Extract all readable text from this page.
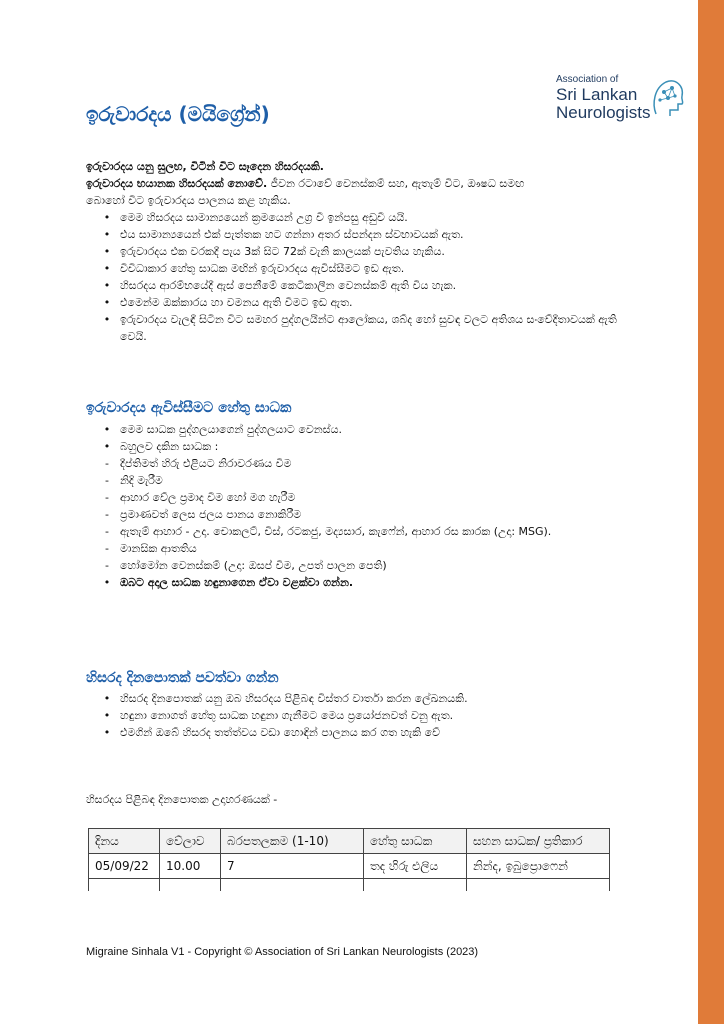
Association of
Sri Lankan
Neurologists
ඉරුවාරදය (මයිග්‍රේන්)
ඉරුවාරදය යනු සුලභ, විටින් විට සෑදෙන හිසරදයකි.
ඉරුවාරදය භයානක හිසරදයක් නොවේ. ජීවන රටාවේ වෙනස්කම් සහ, ඇතැම් විට, ඖෂධ සමඟ
බොහෝ විට ඉරුවාරදය පාලනය කළ හැකිය.
• මෙම හිසරදය සාමාන්‍යයෙන් ක්‍රමයෙන් උග්‍ර වී ඉන්පසු අඩුවී යයි.
• එය සාමාන්‍යයෙන් එක් පැත්තක හට ගන්නා අතර ස්පන්දන ස්වභාවයක් ඇත.
• ඉරුවාරදය එක වරකදී පැය 3ක් සිට 72ක් වැනි කාලයක් පැවතිය හැකිය.
• විවිධාකාර හේතු සාධක මඟින් ඉරුවාරදය ඇවිස්සීමට ඉඩ ඇත.
• හිසරදය ආරම්භයේදී ඇස් පෙනීමේ කෙටිකාලීන වෙනස්කම් ඇති විය හැක.
• එමෙන්ම ඔක්කාරය හා වමනය ඇති වීමට ඉඩ ඇත.
• ඉරුවාරදය වැලඳී සිටින විට සමහර පුද්ගලයින්ට ආලෝකය, ශබ්ද හෝ සුවඳ වලට අතිශය සංවේදීතාවයක් ඇති වෙයි.
ඉරුවාරදය ඇවිස්සීමට හේතු සාධක
• මෙම සාධක පුද්ගලයාගෙන් පුද්ගලයාට වෙනස්ය.
• බහුලව දකින සාධක :
-	දීප්තිමත් හිරු එළියට නිරාවරණය වීම
-	නිදි මැරීම
-	ආහාර වේල ප්‍රමාද වීම හෝ මග හැරීම
-	ප්‍රමාණවත් ලෙස ජලය පානය නොකිරීම
-	ඇතැම් ආහාර - උදා. චොකලට්, චීස්, රටකජු, මද්‍යසාර, කැෆේන්, ආහාර රස කාරක (උදා: MSG).
-	මානසික ආතතිය
-	හෝමෝන වෙනස්කම් (උදා: ඔසප් වීම, උපත් පාලන පෙති)
• ඔබට අදාල සාධක හඳුනාගෙන ඒවා වළක්වා ගන්න.
හිසරද දිනපොතක් පවත්වා ගන්න
• හිසරද දිනපොතක් යනු ඔබ හිසරදය පිළිබඳ විස්තර වාර්තා කරන ලේඛනයකි.
• හඳුනා නොගත් හේතු සාධක හඳුනා ගැනීමට මෙය ප්‍රයෝජනවත් වනු ඇත.
• එමගින් ඔබේ හිසරද තත්ත්වය වඩා හොඳින් පාලනය කර ගත හැකි වේ
හිසරදය පිළිබඳ දිනපොතක උදාහරණයක් -
දිනය	වේලාව	බරපතලකම (1-10)	හේතු සාධක	සහන සාධක/ ප්‍රතිකාර
05/09/22	10.00	7	තද හිරු එලිය	නින්ද, ඉබුප්‍රොෆෙන්

Migraine Sinhala V1 - Copyright © Association of Sri Lankan Neurologists (2023)
